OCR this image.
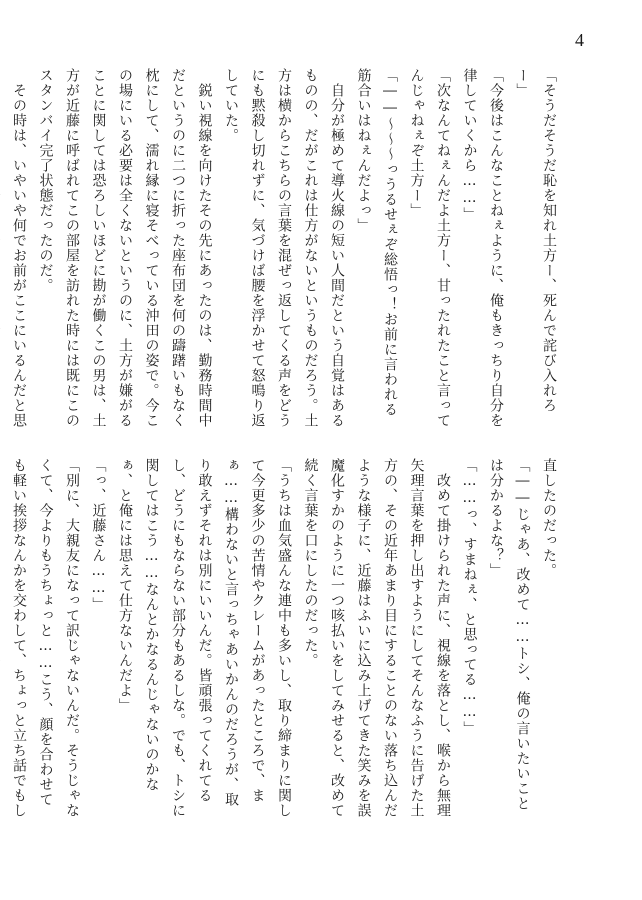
4
「そうだそうだ恥を知れ土方ー、死んで詫び入れろー」
「今後はこんなことねぇように、俺もきっちり自分を律していくから……」
「次なんてねぇんだよ土方ー、甘ったれたこと言ってんじゃねぇぞ土方ー」
「――〜〜〜っうるせぇぞ総悟っ！お前に言われる筋合いはねぇんだよっ」
　自分が極めて導火線の短い人間だという自覚はあるものの、だがこれは仕方がないというものだろう。土方は横からこちらの言葉を混ぜっ返してくる声をどうにも黙殺し切れずに、気づけば腰を浮かせて怒鳴り返していた。
　鋭い視線を向けたその先にあったのは、勤務時間中だというのに二つに折った座布団を何の躊躇いもなく枕にして、濡れ縁に寝そべっている沖田の姿で。今この場にいる必要は全くないというのに、土方が嫌がることに関しては恐ろしいほどに勘が働くこの男は、土方が近藤に呼ばれてこの部屋を訪れた時には既にこのスタンバイ完了状態だったのだ。
　その時は、いやいや何でお前がここにいるんだと思
直したのだった。
「――じゃあ、改めて……トシ、俺の言いたいことは分かるよな？」
「……っ、すまねぇ、と思ってる……」
　改めて掛けられた声に、視線を落とし、喉から無理矢理言葉を押し出すようにしてそんなふうに告げた土方の、その近年あまり目にすることのない落ち込んだような様子に、近藤はふいに込み上げてきた笑みを誤魔化すかのように一つ咳払いをしてみせると、改めて続く言葉を口にしたのだった。
「うちは血気盛んな連中も多いし、取り締まりに関して今更多少の苦情やクレームがあったところで、まぁ……構わないと言っちゃあいかんのだろうが、取り敢えずそれは別にいいんだ。皆頑張ってくれてるし、どうにもならない部分もあるしな。でも、トシに関してはこう……なんとかなるんじゃないのかなぁ、と俺には思えて仕方ないんだよ」
「っ、近藤さん……」
「別に、大親友になって訳じゃないんだ。そうじゃなくて、今よりもうちょっと……こう、顔を合わせても軽い挨拶なんかを交わして、ちょっと立ち話でもし
